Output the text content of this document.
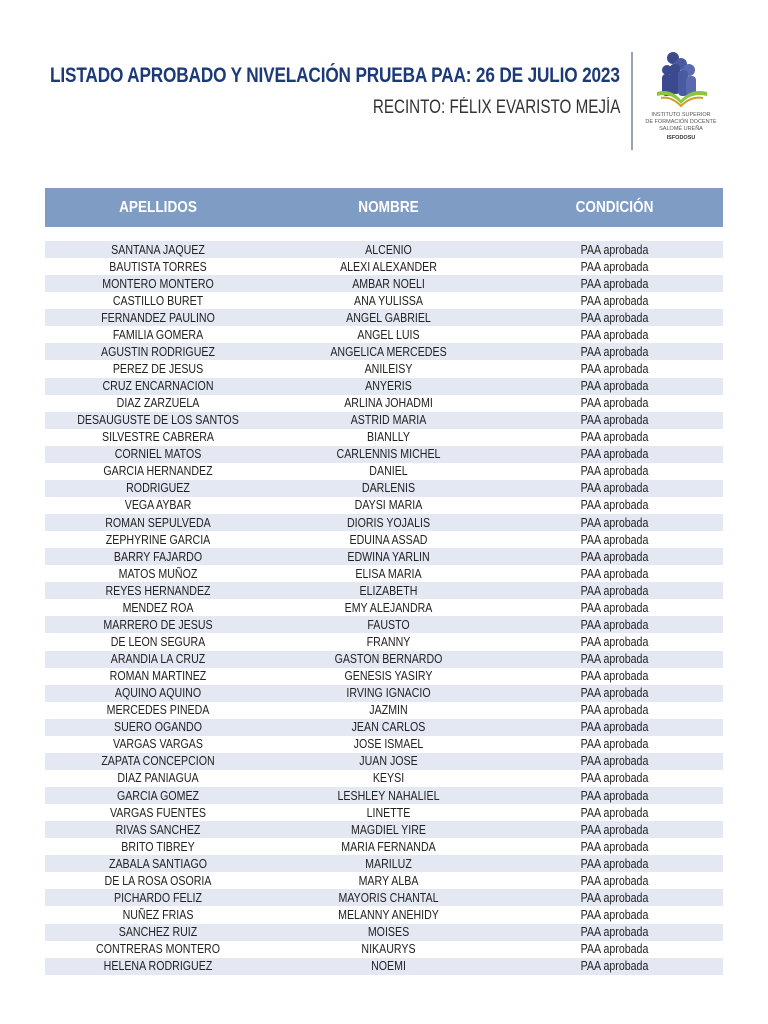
LISTADO APROBADO Y NIVELACIÓN PRUEBA PAA: 26 DE JULIO 2023
RECINTO: FÉLIX EVARISTO MEJÍA	INSTITUTO SUPERIOR
DE FORMACIÓN DOCENTE
SALOMÉ UREÑA
ISFODOSU
APELLIDOS	NOMBRE	CONDICIÓN
SANTANA JAQUEZ	ALCENIO	PAA aprobada
BAUTISTA TORRES	ALEXI ALEXANDER	PAA aprobada
MONTERO MONTERO	AMBAR NOELI	PAA aprobada
CASTILLO BURET	ANA YULISSA	PAA aprobada
FERNANDEZ PAULINO	ANGEL GABRIEL	PAA aprobada
FAMILIA GOMERA	ANGEL LUIS	PAA aprobada
AGUSTIN RODRIGUEZ	ANGELICA MERCEDES	PAA aprobada
PEREZ DE JESUS	ANILEISY	PAA aprobada
CRUZ ENCARNACION	ANYERIS	PAA aprobada
DIAZ ZARZUELA	ARLINA JOHADMI	PAA aprobada
DESAUGUSTE DE LOS SANTOS	ASTRID MARIA	PAA aprobada
SILVESTRE CABRERA	BIANLLY	PAA aprobada
CORNIEL MATOS	CARLENNIS MICHEL	PAA aprobada
GARCIA HERNANDEZ	DANIEL	PAA aprobada
RODRIGUEZ	DARLENIS	PAA aprobada
VEGA AYBAR	DAYSI MARIA	PAA aprobada
ROMAN SEPULVEDA	DIORIS YOJALIS	PAA aprobada
ZEPHYRINE GARCIA	EDUINA ASSAD	PAA aprobada
BARRY FAJARDO	EDWINA YARLIN	PAA aprobada
MATOS MUÑOZ	ELISA MARIA	PAA aprobada
REYES HERNANDEZ	ELIZABETH	PAA aprobada
MENDEZ ROA	EMY ALEJANDRA	PAA aprobada
MARRERO DE JESUS	FAUSTO	PAA aprobada
DE LEON SEGURA	FRANNY	PAA aprobada
ARANDIA LA CRUZ	GASTON BERNARDO	PAA aprobada
ROMAN MARTINEZ	GENESIS YASIRY	PAA aprobada
AQUINO AQUINO	IRVING IGNACIO	PAA aprobada
MERCEDES PINEDA	JAZMIN	PAA aprobada
SUERO OGANDO	JEAN CARLOS	PAA aprobada
VARGAS VARGAS	JOSE ISMAEL	PAA aprobada
ZAPATA CONCEPCION	JUAN JOSE	PAA aprobada
DIAZ PANIAGUA	KEYSI	PAA aprobada
GARCIA GOMEZ	LESHLEY NAHALIEL	PAA aprobada
VARGAS FUENTES	LINETTE	PAA aprobada
RIVAS SANCHEZ	MAGDIEL YIRE	PAA aprobada
BRITO TIBREY	MARIA FERNANDA	PAA aprobada
ZABALA SANTIAGO	MARILUZ	PAA aprobada
DE LA ROSA OSORIA	MARY ALBA	PAA aprobada
PICHARDO FELIZ	MAYORIS CHANTAL	PAA aprobada
NUÑEZ FRIAS	MELANNY ANEHIDY	PAA aprobada
SANCHEZ RUIZ	MOISES	PAA aprobada
CONTRERAS MONTERO	NIKAURYS	PAA aprobada
HELENA RODRIGUEZ	NOEMI	PAA aprobada
